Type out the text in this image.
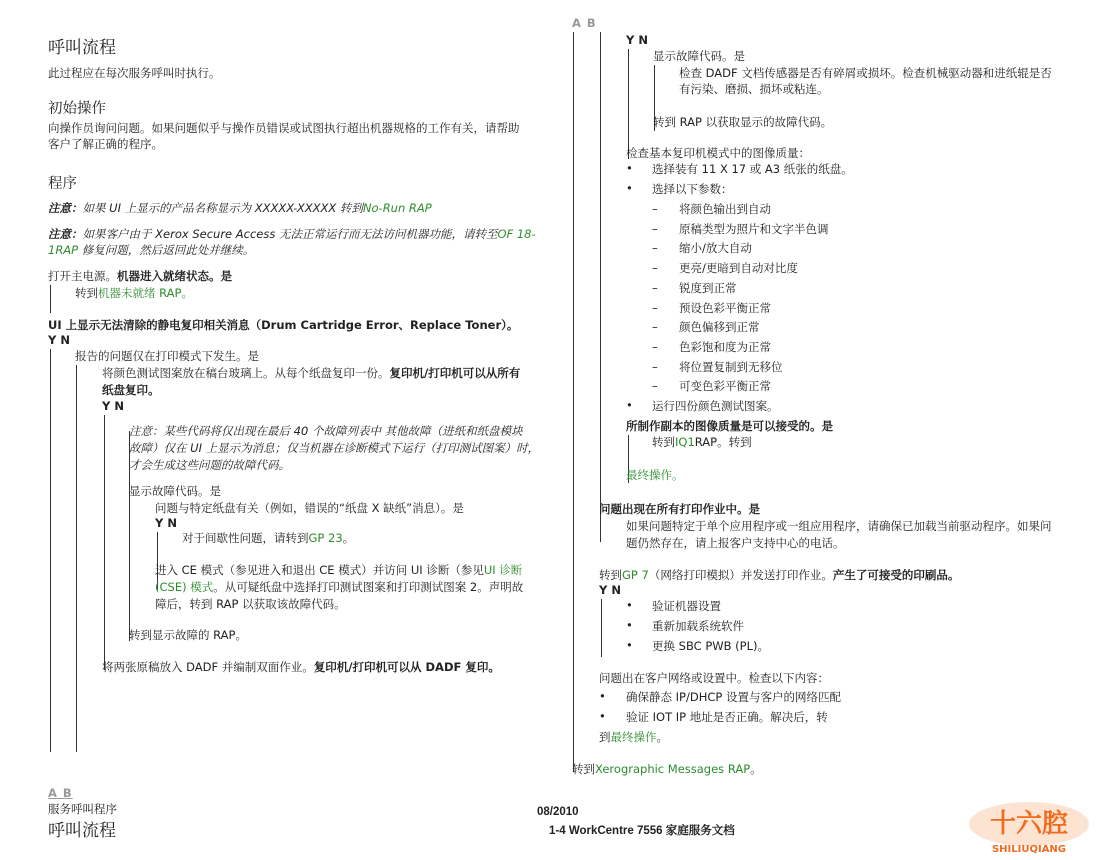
呼叫流程
此过程应在每次服务呼叫时执行。
初始操作
向操作员询问问题。如果问题似乎与操作员错误或试图执行超出机器规格的工作有关，请帮助
客户了解正确的程序。
程序
注意：如果 UI 上显示的产品名称显示为 XXXXX-XXXXX 转到No-Run RAP
注意：如果客户由于 Xerox Secure Access 无法正常运行而无法访问机器功能，请转至OF 18-
1RAP 修复问题，然后返回此处并继续。
打开主电源。机器进入就绪状态。是
转到机器未就绪 RAP。
UI 上显示无法清除的静电复印相关消息（Drum Cartridge Error、Replace Toner）。
Y N
报告的问题仅在打印模式下发生。是
将颜色测试图案放在稿台玻璃上。从每个纸盘复印一份。复印机/打印机可以从所有
纸盘复印。
Y N
注意：某些代码将仅出现在最后 40 个故障列表中 其他故障（进纸和纸盘模块
故障）仅在 UI 上显示为消息；仅当机器在诊断模式下运行（打印测试图案）时，
才会生成这些问题的故障代码。
显示故障代码。是
问题与特定纸盘有关（例如，错误的“纸盘 X 缺纸”消息）。是
Y N
对于间歇性问题，请转到GP 23。
进入 CE 模式（参见进入和退出 CE 模式）并访问 UI 诊断（参见UI 诊断
(CSE) 模式。从可疑纸盘中选择打印测试图案和打印测试图案 2。声明故
障后，转到 RAP 以获取该故障代码。
转到显示故障的 RAP。
将两张原稿放入 DADF 并编制双面作业。复印机/打印机可以从 DADF 复印。
A B
Y N
显示故障代码。是
检查 DADF 文档传感器是否有碎屑或损坏。检查机械驱动器和进纸辊是否
有污染、磨损、损坏或粘连。
转到 RAP 以获取显示的故障代码。
检查基本复印机模式中的图像质量：
• 选择装有 11 X 17 或 A3 纸张的纸盘。
• 选择以下参数：
– 将颜色输出到自动
– 原稿类型为照片和文字半色调
– 缩小/放大自动
– 更亮/更暗到自动对比度
– 锐度到正常
– 预设色彩平衡正常
– 颜色偏移到正常
– 色彩饱和度为正常
– 将位置复制到无移位
– 可变色彩平衡正常
• 运行四份颜色测试图案。
所制作副本的图像质量是可以接受的。是
转到IQ1RAP。转到
最终操作。
问题出现在所有打印作业中。是
如果问题特定于单个应用程序或一组应用程序，请确保已加载当前驱动程序。如果问
题仍然存在，请上报客户支持中心的电话。
转到GP 7（网络打印模拟）并发送打印作业。产生了可接受的印刷品。
Y N
• 验证机器设置
• 重新加载系统软件
• 更换 SBC PWB (PL)。
问题出在客户网络或设置中。检查以下内容：
• 确保静态 IP/DHCP 设置与客户的网络匹配
• 验证 IOT IP 地址是否正确。解决后，转
到最终操作。
转到Xerographic Messages RAP。
A B
服务呼叫程序
呼叫流程
08/2010
1-4 WorkCentre 7556 家庭服务文档	十六腔
SHILIUQIANG
